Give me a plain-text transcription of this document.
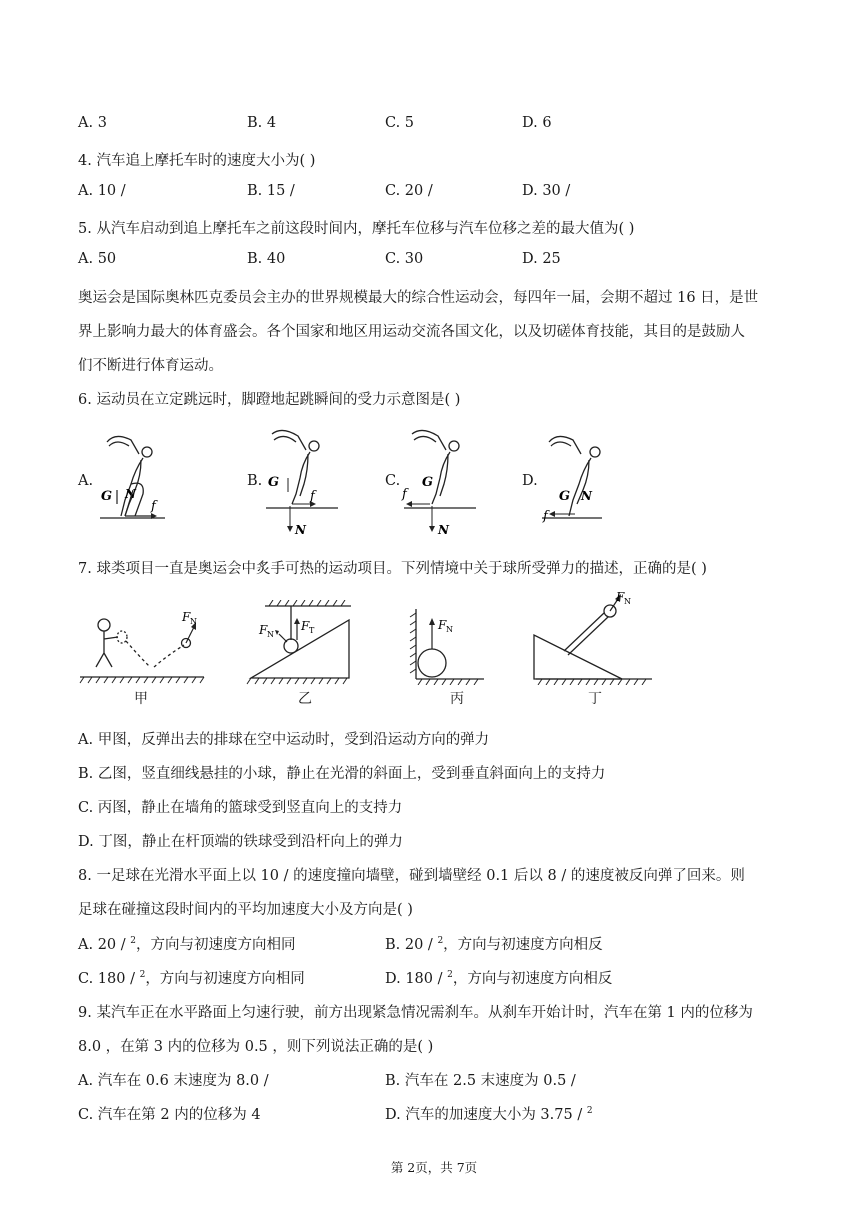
A. 3	B. 4	C. 5	D. 6
4. 汽车追上摩托车时的速度大小为( )
A. 10 /	B. 15 /	C. 20 /	D. 30 /
5. 从汽车启动到追上摩托车之前这段时间内，摩托车位移与汽车位移之差的最大值为( )
A. 50	B. 40	C. 30	D. 25
奥运会是国际奥林匹克委员会主办的世界规模最大的综合性运动会，每四年一届，会期不超过 16 日，是世
界上影响力最大的体育盛会。各个国家和地区用运动交流各国文化，以及切磋体育技能，其目的是鼓励人
们不断进行体育运动。
6. 运动员在立定跳远时，脚蹬地起跳瞬间的受力示意图是( )
A.	B.	C.	D.
G N
f
G
f
N
G
f
N
G N
f
7. 球类项目一直是奥运会中炙手可热的运动项目。下列情境中关于球所受弹力的描述，正确的是( )
F N
甲
F T
F N
乙
F N
丙
F N
丁
A. 甲图，反弹出去的排球在空中运动时，受到沿运动方向的弹力
B. 乙图，竖直细线悬挂的小球，静止在光滑的斜面上，受到垂直斜面向上的支持力
C. 丙图，静止在墙角的篮球受到竖直向上的支持力
D. 丁图，静止在杆顶端的铁球受到沿杆向上的弹力
8. 一足球在光滑水平面上以 10 / 的速度撞向墙壁，碰到墙壁经 0.1 后以 8 / 的速度被反向弹了回来。则
足球在碰撞这段时间内的平均加速度大小及方向是( )
A. 20 / $^2$，方向与初速度方向相同	B. 20 / $^2$，方向与初速度方向相反
C. 180 / $^2$，方向与初速度方向相同	D. 180 / $^2$，方向与初速度方向相反
9. 某汽车正在水平路面上匀速行驶，前方出现紧急情况需刹车。从刹车开始计时，汽车在第 1 内的位移为
8.0 ，在第 3 内的位移为 0.5 ，则下列说法正确的是( )
A. 汽车在 0.6 末速度为 8.0 /	B. 汽车在 2.5 末速度为 0.5 /
C. 汽车在第 2 内的位移为 4	D. 汽车的加速度大小为 3.75 / $^2$
第 2页，共 7页
